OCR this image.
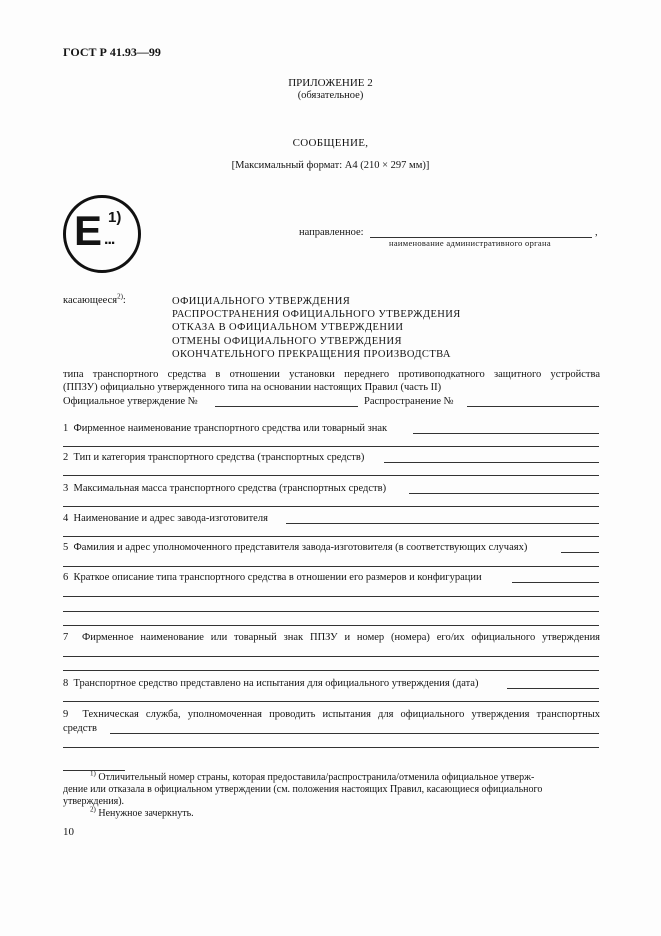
ГОСТ Р 41.93—99
ПРИЛОЖЕНИЕ 2
(обязательное)
СООБЩЕНИЕ,
[Максимальный формат: A4 (210 × 297 мм)]
E 1)
...	направленное:	,
наименование административного органа
касающееся$^{2)}$:	ОФИЦИАЛЬНОГО УТВЕРЖДЕНИЯ
РАСПРОСТРАНЕНИЯ ОФИЦИАЛЬНОГО УТВЕРЖДЕНИЯ
ОТКАЗА В ОФИЦИАЛЬНОМ УТВЕРЖДЕНИИ
ОТМЕНЫ ОФИЦИАЛЬНОГО УТВЕРЖДЕНИЯ
ОКОНЧАТЕЛЬНОГО ПРЕКРАЩЕНИЯ ПРОИЗВОДСТВА
типа транспортного средства в отношении установки переднего противоподкатного защитного устройства
(ППЗУ) официально утвержденного типа на основании настоящих Правил (часть II)
Официальное утверждение №	Распространение №
1 Фирменное наименование транспортного средства или товарный знак
2 Тип и категория транспортного средства (транспортных средств)
3 Максимальная масса транспортного средства (транспортных средств)
4 Наименование и адрес завода-изготовителя
5 Фамилия и адрес уполномоченного представителя завода-изготовителя (в соответствующих случаях)
6 Краткое описание типа транспортного средства в отношении его размеров и конфигурации
7 Фирменное наименование или товарный знак ППЗУ и номер (номера) его/их официального утверждения
8 Транспортное средство представлено на испытания для официального утверждения (дата)
9 Техническая служба, уполномоченная проводить испытания для официального утверждения транспортных
средств
$^{1)}$ Отличительный номер страны, которая предоставила/распространила/отменила официальное утверж-
дение или отказала в официальном утверждении (см. положения настоящих Правил, касающиеся официального
утверждения).
$^{2)}$ Ненужное зачеркнуть.
10
